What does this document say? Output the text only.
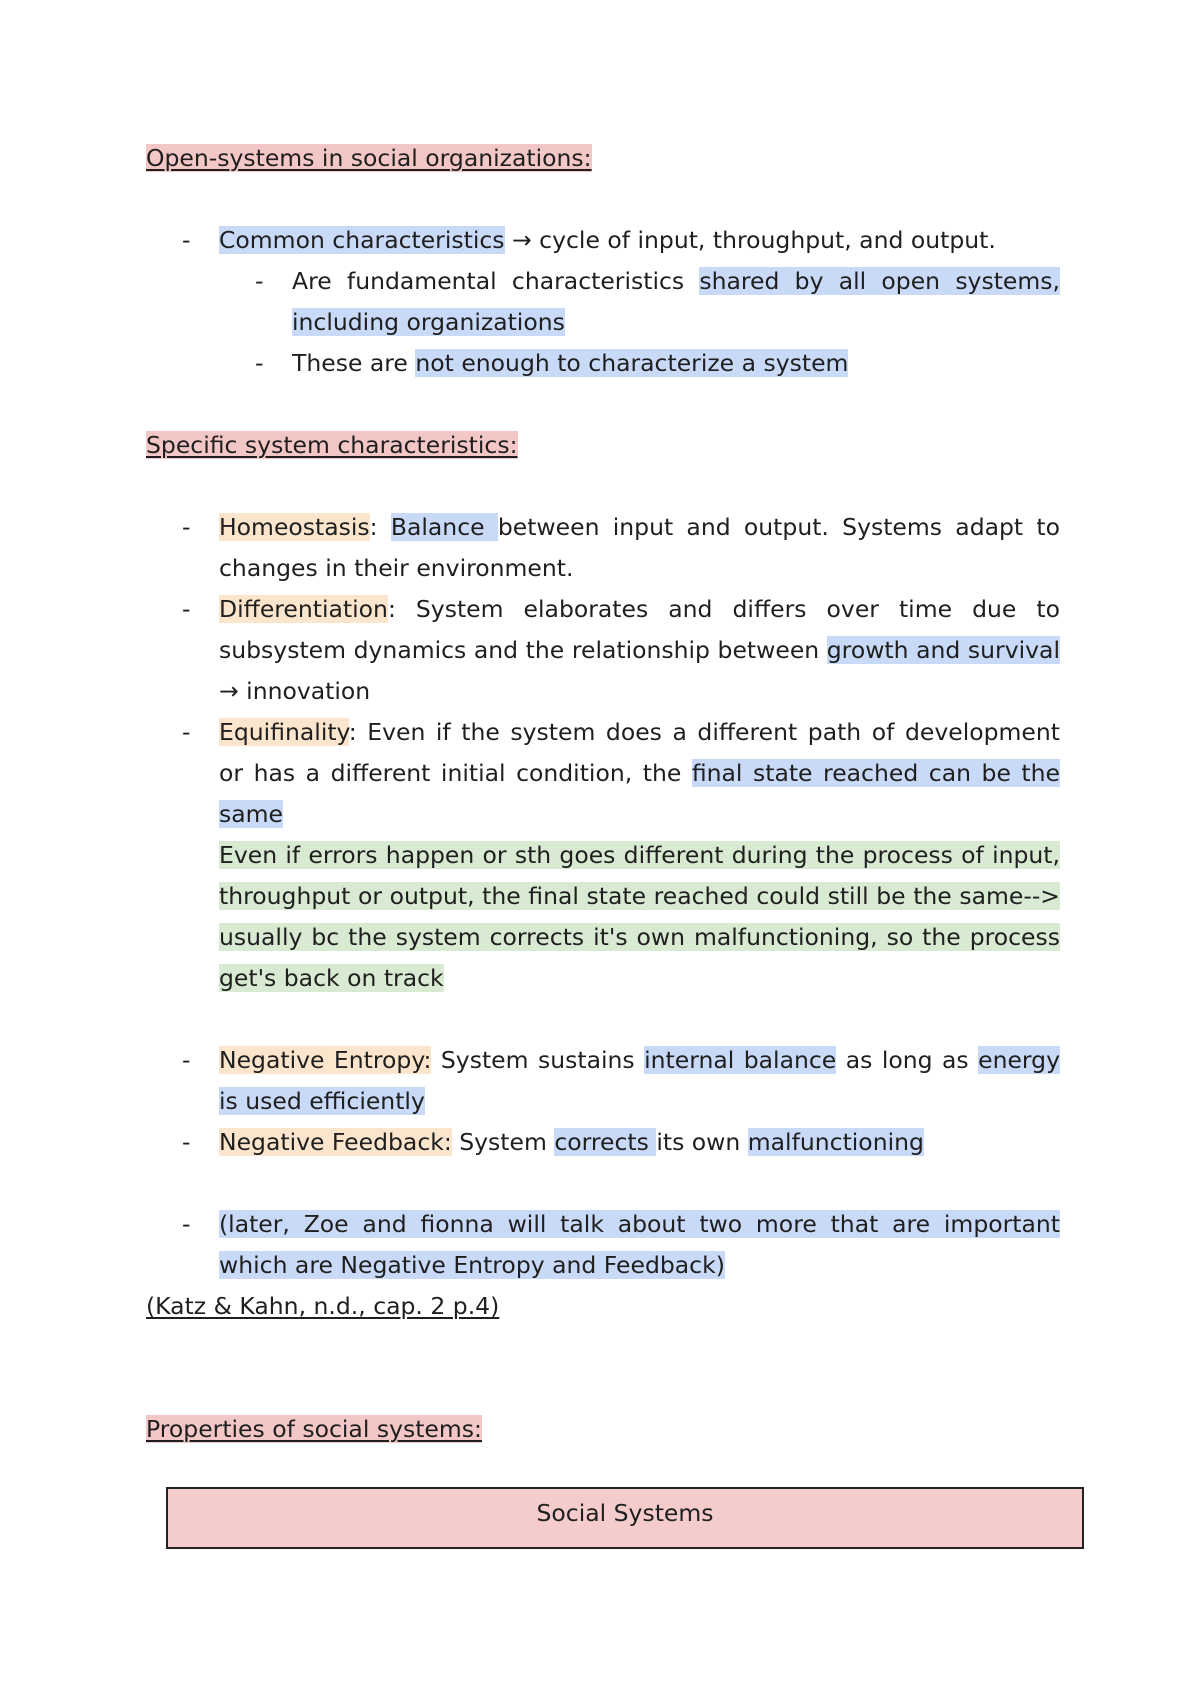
Open-systems in social organizations:
- Common characteristics → cycle of input, throughput, and output.
- Are fundamental characteristics shared by all open systems, including organizations
- These are not enough to characterize a system
Specific system characteristics:
- Homeostasis: Balance between input and output. Systems adapt to changes in their environment.
- Differentiation: System elaborates and differs over time due to subsystem dynamics and the relationship between growth and survival → innovation
- Equifinality: Even if the system does a different path of development or has a different initial condition, the final state reached can be the same
Even if errors happen or sth goes different during the process of input, throughput or output, the final state reached could still be the same--> usually bc the system corrects it's own malfunctioning, so the process get's back on track
- Negative Entropy: System sustains internal balance as long as energy is used efficiently
- Negative Feedback: System corrects its own malfunctioning
- (later, Zoe and fionna will talk about two more that are important which are Negative Entropy and Feedback)
(Katz & Kahn, n.d., cap. 2 p.4)
Properties of social systems:
Social Systems
